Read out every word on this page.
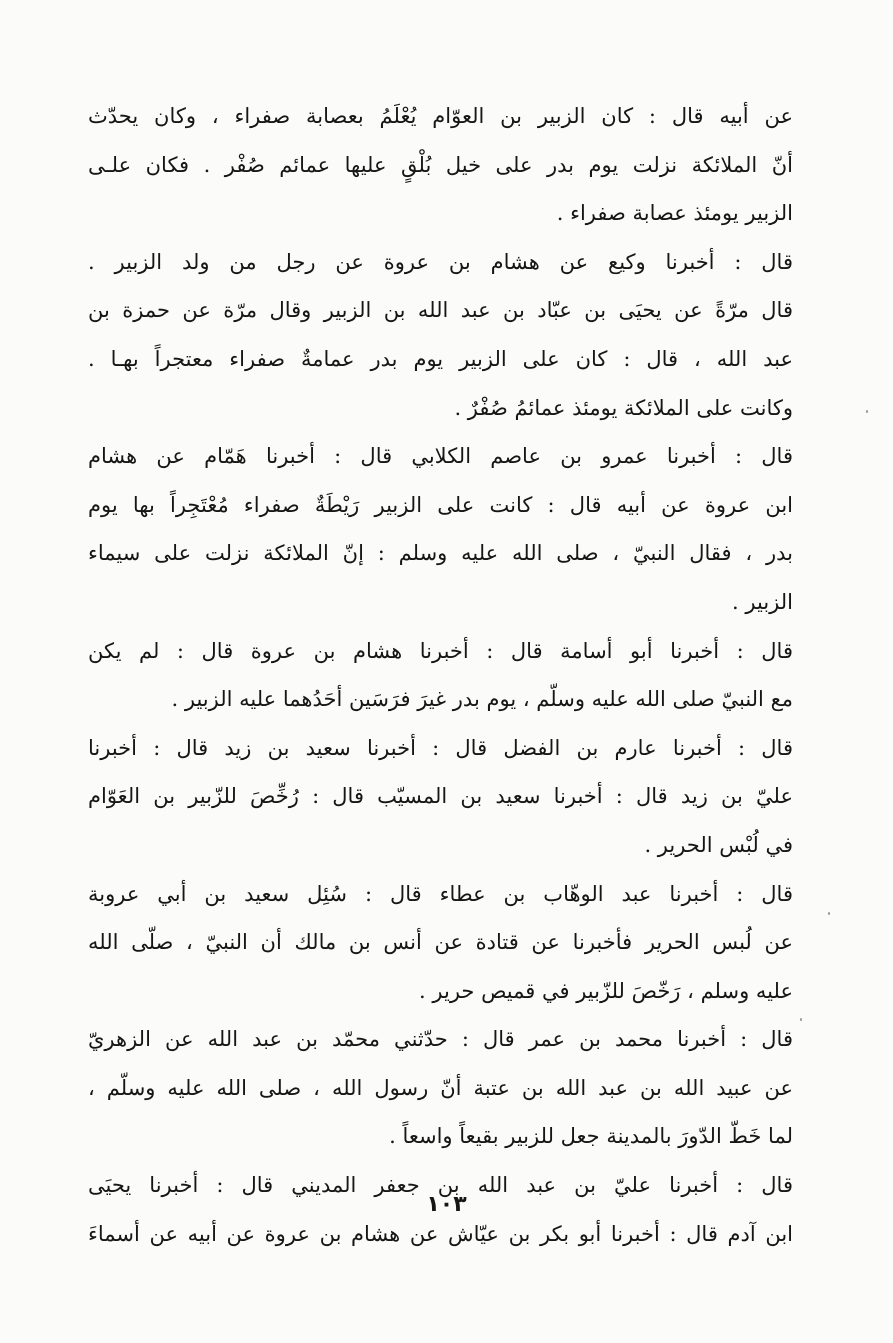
عن أبيه قال : كان الزبير بن العوّام يُعْلَمُ بعصابة صفراء ، وكان يحدّث
أنّ الملائكة نزلت يوم بدر على خيل بُلْقٍ عليها عمائم صُفْر . فكان علـى
الزبير يومئذ عصابة صفراء .
قال : أخبرنا وكيع عن هشام بن عروة عن رجل من ولد الزبير .
قال مرّةً عن يحيَى بن عبّاد بن عبد الله بن الزبير وقال مرّة عن حمزة بن
عبد الله ، قال : كان على الزبير يوم بدر عمامةٌ صفراء معتجراً بهـا .
وكانت على الملائكة يومئذ عمائمُ صُفْرٌ .
قال : أخبرنا عمرو بن عاصم الكلابي قال : أخبرنا هَمّام عن هشام
ابن عروة عن أبيه قال : كانت على الزبير رَيْطَةٌ صفراء مُعْتَجِراً بها يوم
بدر ، فقال النبيّ ، صلى الله عليه وسلم : إنّ الملائكة نزلت على سيماء
الزبير .
قال : أخبرنا أبو أسامة قال : أخبرنا هشام بن عروة قال : لم يكن
مع النبيّ صلى الله عليه وسلّم ، يوم بدر غيرَ فرَسَين أحَدُهما عليه الزبير .
قال : أخبرنا عارم بن الفضل قال : أخبرنا سعيد بن زيد قال : أخبرنا
عليّ بن زيد قال : أخبرنا سعيد بن المسيّب قال : رُخِّصَ للزّبير بن العَوّام
في لُبْس الحرير .
قال : أخبرنا عبد الوهّاب بن عطاء قال : سُئِل سعيد بن أبي عروبة
عن لُبس الحرير فأخبرنا عن قتادة عن أنس بن مالك أن النبيّ ، صلّى الله
عليه وسلم ، رَخّصَ للزّبير في قميص حرير .
قال : أخبرنا محمد بن عمر قال : حدّثني محمّد بن عبد الله عن الزهريّ
عن عبيد الله بن عبد الله بن عتبة أنّ رسول الله ، صلى الله عليه وسلّم ،
لما خَطّ الدّورَ بالمدينة جعل للزبير بقيعاً واسعاً .
قال : أخبرنا عليّ بن عبد الله بن جعفر المديني قال : أخبرنا يحيَى
ابن آدم قال : أخبرنا أبو بكر بن عيّاش عن هشام بن عروة عن أبيه عن أسماءَ
١٠٣
